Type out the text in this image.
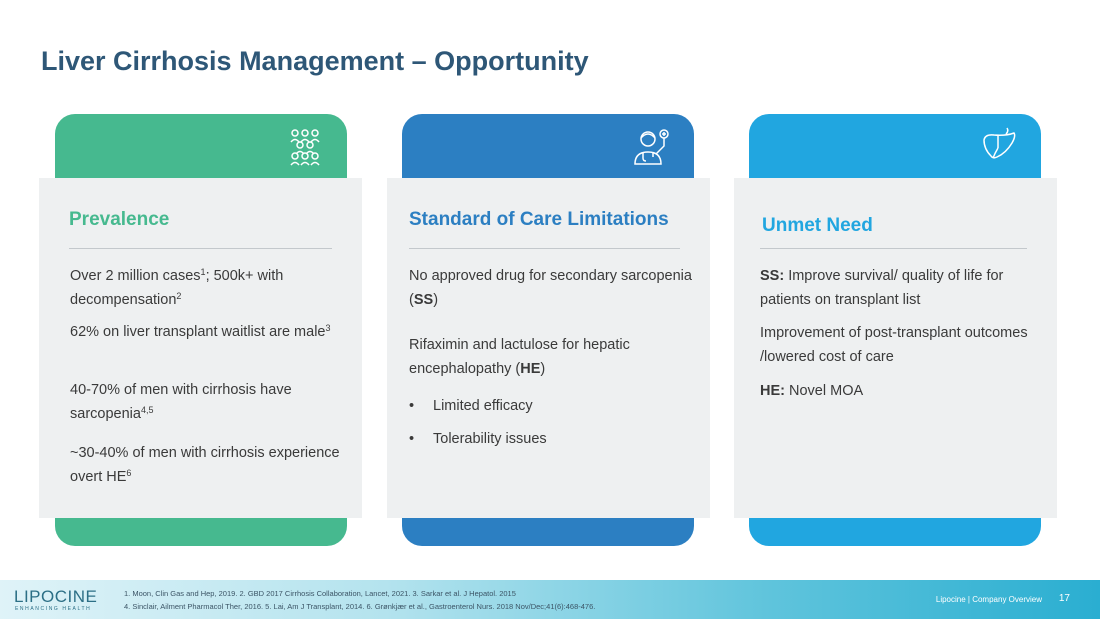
Liver Cirrhosis Management – Opportunity
Prevalence
Over 2 million cases$^1$; 500k+ with decompensation$^2$
62% on liver transplant waitlist are male$^3$
40-70% of men with cirrhosis have sarcopenia$^{4,5}$
~30-40% of men with cirrhosis experience overt $HE^6$
Standard of Care Limitations
No approved drug for secondary sarcopenia (SS)
Rifaximin and lactulose for hepatic encephalopathy (HE)
• Limited efficacy
• Tolerability issues
Unmet Need
SS: Improve survival/ quality of life for patients on transplant list
Improvement of post-transplant outcomes /lowered cost of care
HE: Novel MOA
LIPOCINE
ENHANCING HEALTH
1. Moon, Clin Gas and Hep, 2019. 2. GBD 2017 Cirrhosis Collaboration, Lancet, 2021. 3. Sarkar et al. J Hepatol. 2015
4. Sinclair, Ailment Pharmacol Ther, 2016. 5. Lai, Am J Transplant, 2014. 6. Grønkjær et al., Gastroenterol Nurs. 2018 Nov/Dec;41(6):468-476.
Lipocine | Company Overview 17
